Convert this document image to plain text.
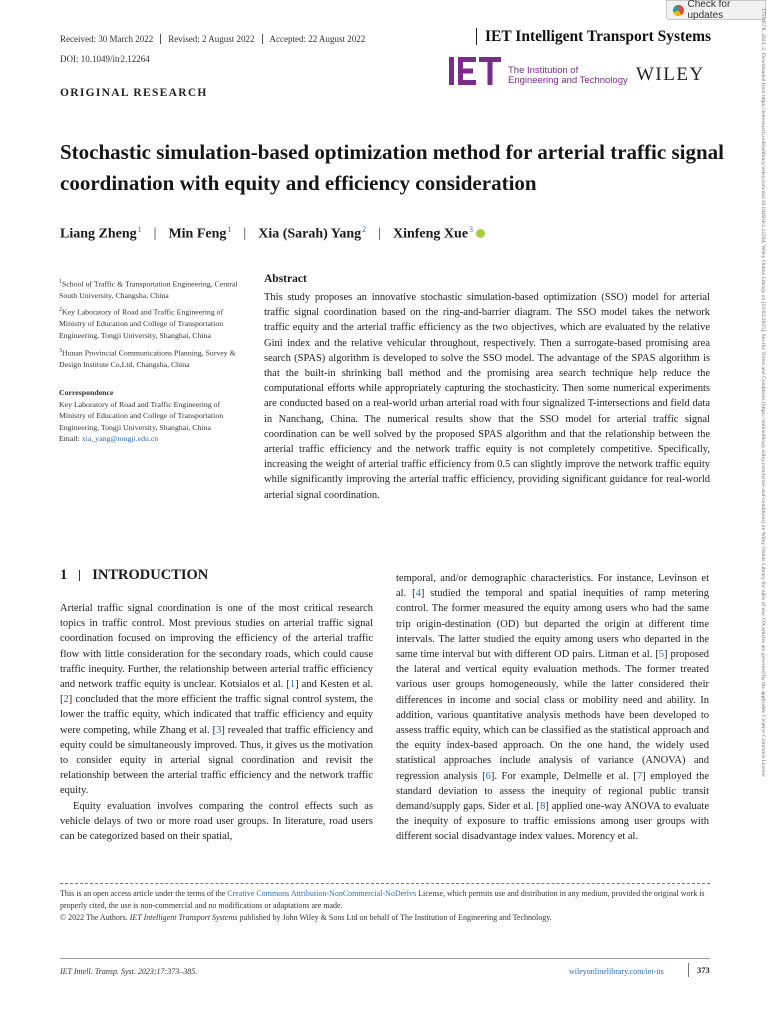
Check for updates
Received: 30 March 2022	Revised: 2 August 2022	Accepted: 22 August 2022
DOI: 10.1049/itr2.12264
IET Intelligent Transport Systems
ORIGINAL RESEARCH
The Institution of
Engineering and Technology WILEY
Stochastic simulation-based optimization method for arterial traffic signal coordination with equity and efficiency consideration
Liang Zheng$^1$ | Min Feng$^1$ | Xia (Sarah) Yang$^2$ | Xinfeng Xue$^3$
$^1$School of Traffic & Transportation Engineering, Central South University, Changsha, China
$^2$Key Laboratory of Road and Traffic Engineering of Ministry of Education and College of Transportation Engineering, Tongji University, Shanghai, China
$^3$Hunan Provincial Communications Planning, Survey & Design Institute Co,Ltd, Changsha, China
Correspondence
Key Laboratory of Road and Traffic Engineering of Ministry of Education and College of Transportation Engineering, Tongji University, Shanghai, China
Email: xia_yang@tongji.edu.cn
Abstract
This study proposes an innovative stochastic simulation-based optimization (SSO) model for arterial traffic signal coordination based on the ring-and-barrier diagram. The SSO model takes the network traffic equity and the arterial traffic efficiency as the two objectives, which are evaluated by the relative Gini index and the relative vehicular throughout, respectively. Then a surrogate-based promising area search (SPAS) algorithm is developed to solve the SSO model. The advantage of the SPAS algorithm is that the built-in shrinking ball method and the promising area search technique help reduce the computational efforts while appropriately capturing the stochasticity. Then some numerical experiments are conducted based on a real-world urban arterial road with four signalized T-intersections and field data in Nanchang, China. The numerical results show that the SSO model for arterial traffic signal coordination can be well solved by the proposed SPAS algorithm and that the relationship between the arterial traffic efficiency and the network traffic equity is not completely competitive. Specifically, increasing the weight of arterial traffic efficiency from 0.5 can slightly improve the network traffic equity while significantly improving the arterial traffic efficiency, providing significant guidance for real-world arterial signal coordination.
1 INTRODUCTION

Arterial traffic signal coordination is one of the most critical research topics in traffic control. Most previous studies on arterial traffic signal coordination focused on improving the efficiency of the arterial traffic flow with little consideration for the secondary roads, which could cause traffic inequity. Further, the relationship between arterial traffic efficiency and network traffic equity is unclear. Kotsialos et al. [1] and Kesten et al. [2] concluded that the more efficient the traffic signal control system, the lower the traffic equity, which indicated that traffic efficiency and equity were competing, while Zhang et al. [3] revealed that traffic efficiency and equity could be simultaneously improved. Thus, it gives us the motivation to consider equity in arterial signal coordination and revisit the relationship between the arterial traffic efficiency and the network traffic equity.

Equity evaluation involves comparing the control effects such as vehicle delays of two or more road user groups. In literature, road users can be categorized based on their spatial,

temporal, and/or demographic characteristics. For instance, Levinson et al. [4] studied the temporal and spatial inequities of ramp metering control. The former measured the equity among users who had the same trip origin-destination (OD) but departed the origin at different time intervals. The latter studied the equity among users who departed in the same time interval but with different OD pairs. Litman et al. [5] proposed the lateral and vertical equity evaluation methods. The former treated various user groups homogeneously, while the latter considered their differences in income and social class or mobility need and ability. In addition, various quantitative analysis methods have been developed to assess traffic equity, which can be classified as the statistical approach and the equity index-based approach. On the one hand, the widely used statistical approaches include analysis of variance (ANOVA) and regression analysis [6]. For example, Delmelle et al. [7] employed the standard deviation to assess the inequity of regional public transit demand/supply gaps. Sider et al. [8] applied one-way ANOVA to evaluate the inequity of exposure to traffic emissions among user groups with different social disadvantage index values. Morency et al.

This is an open access article under the terms of the Creative Commons Attribution-NonCommercial-NoDerivs License, which permits use and distribution in any medium, provided the original work is properly cited, the use is non-commercial and no modifications or adaptations are made.
© 2022 The Authors. IET Intelligent Transport Systems published by John Wiley & Sons Ltd on behalf of The Institution of Engineering and Technology.
IET Intell. Transp. Syst. 2023;17:373–385.	wileyonlinelibrary.com/iet-its	373
17519578, 2023, 2, Downloaded from https://ietresearch.onlinelibrary.wiley.com/doi/10.1049/itr2.12264, Wiley Online Library on [13/02/2025]. See the Terms and Conditions (https://onlinelibrary.wiley.com/terms-and-conditions) on Wiley Online Library for rules of use; OA articles are governed by the applicable Creative Commons License
